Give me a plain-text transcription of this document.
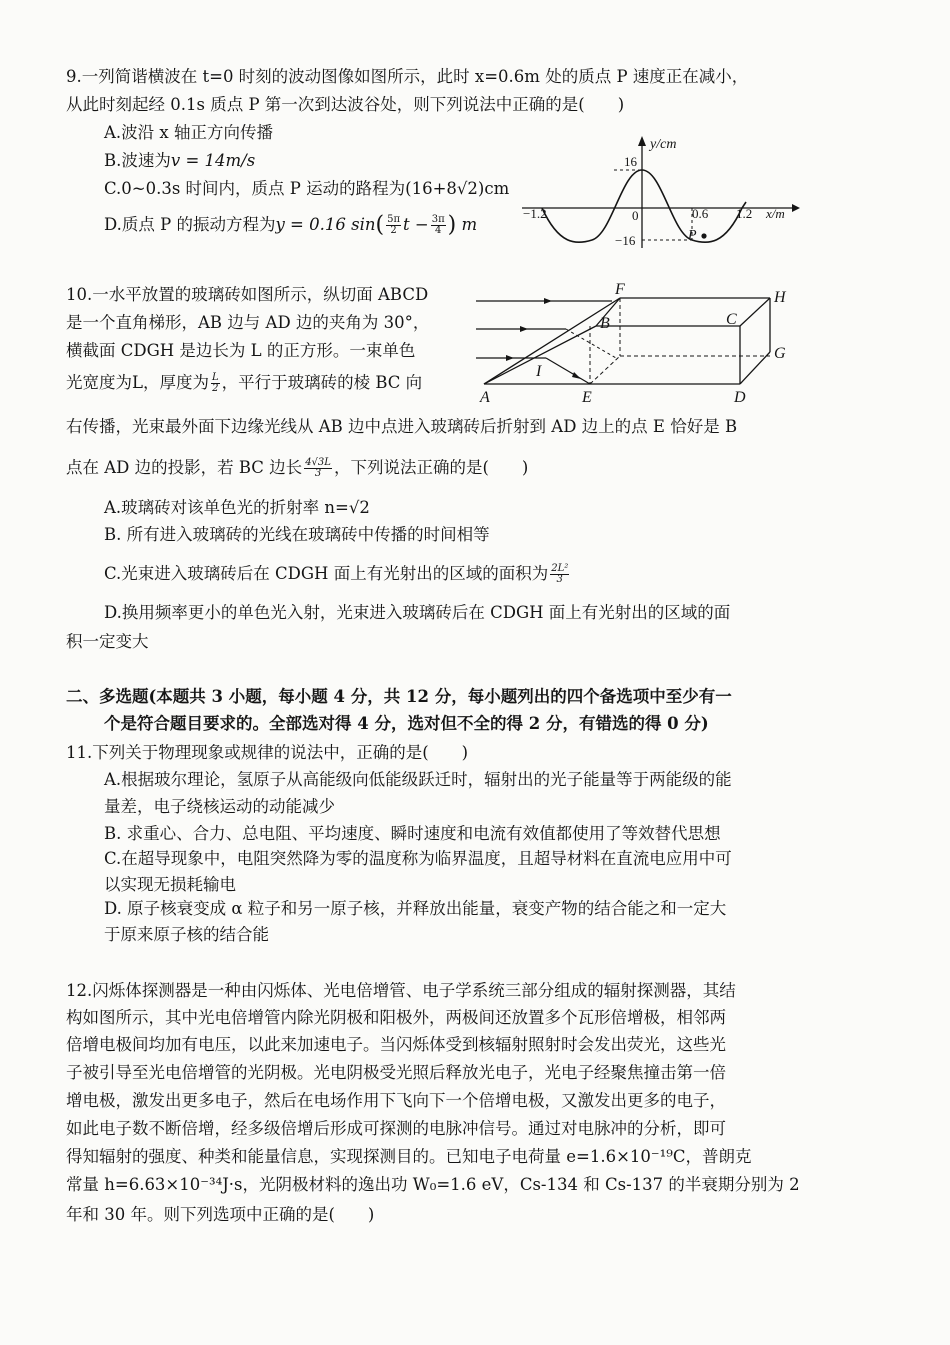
9.一列简谐横波在 t=0 时刻的波动图像如图所示，此时 x=0.6m 处的质点 P 速度正在减小，
从此时刻起经 0.1s 质点 P 第一次到达波谷处，则下列说法中正确的是(　　)
A.波沿 x 轴正方向传播
B.波速为v = 14m/s
C.0~0.3s 时间内，质点 P 运动的路程为(16+8√2)cm
D.质点 P 的振动方程为y = 0.16 $\sin( \frac{5\pi}{2}$ $t - \frac{3\pi}{4}$ ) m
y/cm
16
−16
−1.2	0	0.6 1.2 x/m
P
10.一水平放置的玻璃砖如图所示，纵切面 ABCD
是一个直角梯形，AB 边与 AD 边的夹角为 30°，
横截面 CDGH 是边长为 L 的正方形。一束单色
光宽度为L，厚度为 $\frac{L}{2}$ ，平行于玻璃砖的棱 BC 向
右传播，光束最外面下边缘光线从 AB 边中点进入玻璃砖后折射到 AD 边上的点 E 恰好是 B
点在 AD 边的投影，若 BC 边长 $\frac{4√3L}{3}$ ，下列说法正确的是(　　)
A.玻璃砖对该单色光的折射率 n=√2
B. 所有进入玻璃砖的光线在玻璃砖中传播的时间相等
C.光束进入玻璃砖后在 CDGH 面上有光射出的区域的面积为 $\frac{\text{2L²}}{3}$
D.换用频率更小的单色光入射，光束进入玻璃砖后在 CDGH 面上有光射出的区域的面
积一定变大
F	H
B	C
G
I
A	E	D
二、多选题(本题共 3 小题，每小题 4 分，共 12 分，每小题列出的四个备选项中至少有一
个是符合题目要求的。全部选对得 4 分，选对但不全的得 2 分，有错选的得 0 分)
11.下列关于物理现象或规律的说法中，正确的是(　　)
A.根据玻尔理论，氢原子从高能级向低能级跃迁时，辐射出的光子能量等于两能级的能
量差，电子绕核运动的动能减少
B. 求重心、合力、总电阻、平均速度、瞬时速度和电流有效值都使用了等效替代思想
C.在超导现象中，电阻突然降为零的温度称为临界温度，且超导材料在直流电应用中可
以实现无损耗输电
D. 原子核衰变成 α 粒子和另一原子核，并释放出能量，衰变产物的结合能之和一定大
于原来原子核的结合能
12.闪烁体探测器是一种由闪烁体、光电倍增管、电子学系统三部分组成的辐射探测器，其结
构如图所示，其中光电倍增管内除光阴极和阳极外，两极间还放置多个瓦形倍增极，相邻两
倍增电极间均加有电压，以此来加速电子。当闪烁体受到核辐射照射时会发出荧光，这些光
子被引导至光电倍增管的光阴极。光电阴极受光照后释放光电子，光电子经聚焦撞击第一倍
增电极，激发出更多电子，然后在电场作用下飞向下一个倍增电极，又激发出更多的电子，
如此电子数不断倍增，经多级倍增后形成可探测的电脉冲信号。通过对电脉冲的分析，即可
得知辐射的强度、种类和能量信息，实现探测目的。已知电子电荷量 e=1.6×10⁻¹⁹C，普朗克
常量 h=6.63×10⁻³⁴J·s，光阴极材料的逸出功 W₀=1.6 eV，Cs-134 和 Cs-137 的半衰期分别为 2
年和 30 年。则下列选项中正确的是(　　)
